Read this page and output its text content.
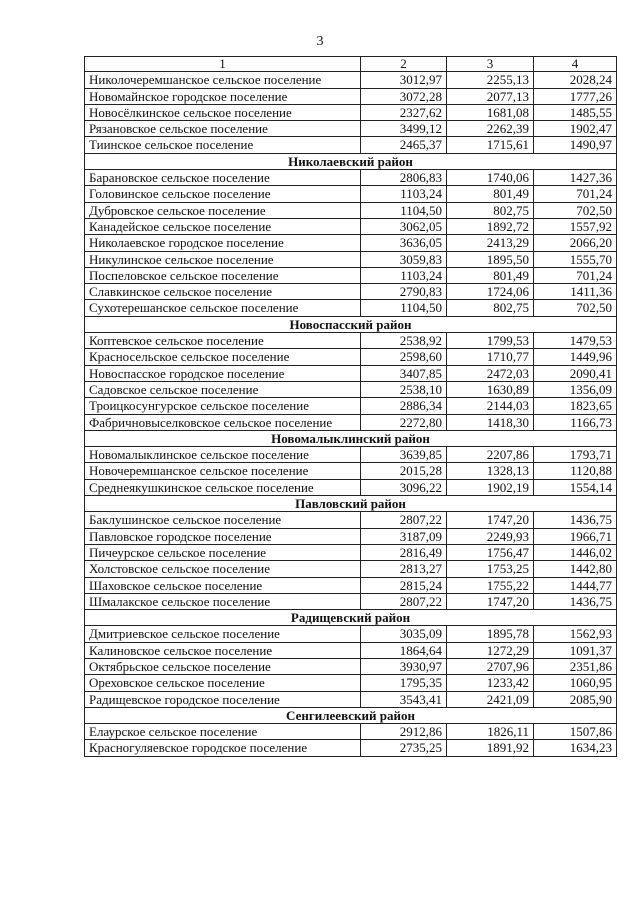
3
1	2	3	4
Николочеремшанское сельское поселение	3012,97	2255,13	2028,24
Новомайнское городское поселение	3072,28	2077,13	1777,26
Новосёлкинское сельское поселение	2327,62	1681,08	1485,55
Рязановское сельское поселение	3499,12	2262,39	1902,47
Тиинское сельское поселение	2465,37	1715,61	1490,97
Николаевский район			
Барановское сельское поселение	2806,83	1740,06	1427,36
Головинское сельское поселение	1103,24	801,49	701,24
Дубровское сельское поселение	1104,50	802,75	702,50
Канадейское сельское поселение	3062,05	1892,72	1557,92
Николаевское городское поселение	3636,05	2413,29	2066,20
Никулинское сельское поселение	3059,83	1895,50	1555,70
Поспеловское сельское поселение	1103,24	801,49	701,24
Славкинское сельское поселение	2790,83	1724,06	1411,36
Сухотерешанское сельское поселение	1104,50	802,75	702,50
Новоспасский район			
Коптевское сельское поселение	2538,92	1799,53	1479,53
Красносельское сельское поселение	2598,60	1710,77	1449,96
Новоспасское городское поселение	3407,85	2472,03	2090,41
Садовское сельское поселение	2538,10	1630,89	1356,09
Троицкосунгурское сельское поселение	2886,34	2144,03	1823,65
Фабричновыселковское сельское поселение	2272,80	1418,30	1166,73
Новомалыклинский район			
Новомалыклинское сельское поселение	3639,85	2207,86	1793,71
Новочеремшанское сельское поселение	2015,28	1328,13	1120,88
Среднеякушкинское сельское поселение	3096,22	1902,19	1554,14
Павловский район			
Баклушинское сельское поселение	2807,22	1747,20	1436,75
Павловское городское поселение	3187,09	2249,93	1966,71
Пичеурское сельское поселение	2816,49	1756,47	1446,02
Холстовское сельское поселение	2813,27	1753,25	1442,80
Шаховское сельское поселение	2815,24	1755,22	1444,77
Шмалакское сельское поселение	2807,22	1747,20	1436,75
Радищевский район			
Дмитриевское сельское поселение	3035,09	1895,78	1562,93
Калиновское сельское поселение	1864,64	1272,29	1091,37
Октябрьское сельское поселение	3930,97	2707,96	2351,86
Ореховское сельское поселение	1795,35	1233,42	1060,95
Радищевское городское поселение	3543,41	2421,09	2085,90
Сенгилеевский район			
Елаурское сельское поселение	2912,86	1826,11	1507,86
Красногуляевское городское поселение	2735,25	1891,92	1634,23
